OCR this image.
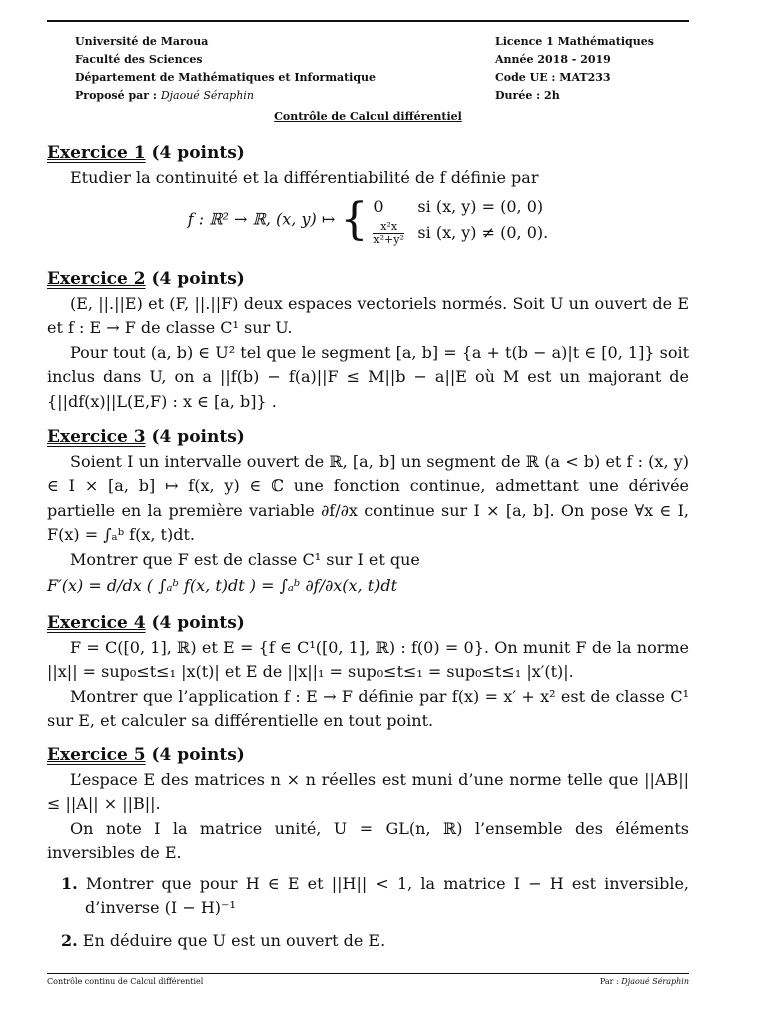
Université de Maroua
Faculté des Sciences
Département de Mathématiques et Informatique
Proposé par : Djaoué Séraphin
Licence 1 Mathématiques
Année 2018 - 2019
Code UE : MAT233
Durée : 2h
Contrôle de Calcul différentiel

Exercice 1 (4 points)

Etudier la continuité et la différentiabilité de f définie par

f : ℝ² → ℝ, (x, y) ↦ { 0 si (x, y) = (0, 0)
$\frac{\text{x²x}}{\text{x²+y²}}$ si (x, y) ≠ (0, 0).

Exercice 2 (4 points)

(E, ||.||E) et (F, ||.||F) deux espaces vectoriels normés. Soit U un ouvert de E et f : E → F de classe C¹ sur U.

Pour tout (a, b) ∈ U² tel que le segment [a, b] = {a + t(b − a)|t ∈ [0, 1]} soit inclus dans U, on a ||f(b) − f(a)||F ≤ M||b − a||E où M est un majorant de {||df(x)||L(E,F) : x ∈ [a, b]} .

Exercice 3 (4 points)

Soient I un intervalle ouvert de ℝ, [a, b] un segment de ℝ (a < b) et f : (x, y) ∈ I × [a, b] ↦ f(x, y) ∈ ℂ une fonction continue, admettant une dérivée partielle en la première variable ∂f/∂x continue sur I × [a, b]. On pose ∀x ∈ I, F(x) = ∫ₐᵇ f(x, t)dt.

Montrer que F est de classe C¹ sur I et que

F′(x) = d/dx ( ∫ₐᵇ f(x, t)dt ) = ∫ₐᵇ ∂f/∂x(x, t)dt

Exercice 4 (4 points)

F = C([0, 1], ℝ) et E = {f ∈ C¹([0, 1], ℝ) : f(0) = 0}. On munit F de la norme ||x|| = sup₀≤t≤₁ |x(t)| et E de ||x||₁ = sup₀≤t≤₁ = sup₀≤t≤₁ |x′(t)|.

Montrer que l’application f : E → F définie par f(x) = x′ + x² est de classe C¹ sur E, et calculer sa différentielle en tout point.

Exercice 5 (4 points)

L’espace E des matrices n × n réelles est muni d’une norme telle que ||AB|| ≤ ||A|| × ||B||.

On note I la matrice unité, U = GL(n, ℝ) l’ensemble des éléments inversibles de E.

1. Montrer que pour H ∈ E et ||H|| < 1, la matrice I − H est inversible, d’inverse (I − H)⁻¹
2. En déduire que U est un ouvert de E.
Contrôle continu de Calcul différentiel	Par : Djaoué Séraphin
